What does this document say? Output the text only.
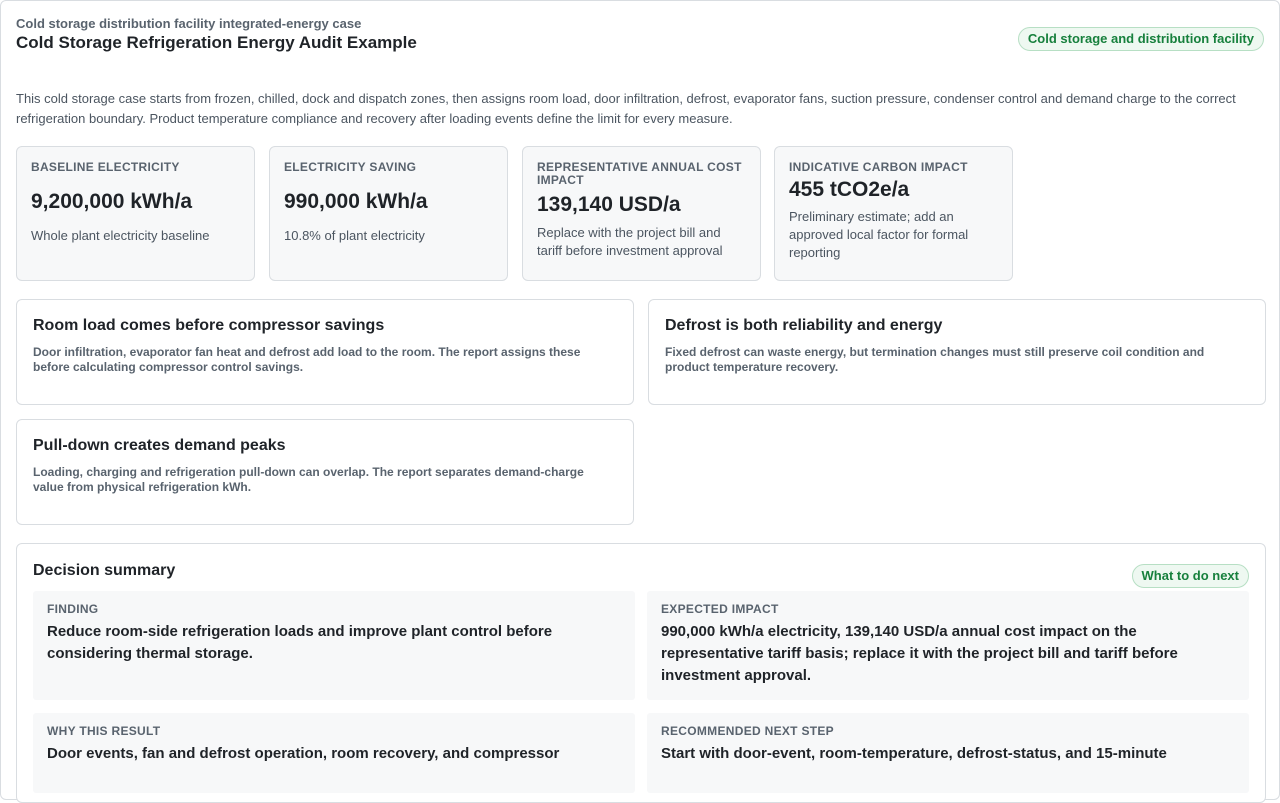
Cold storage distribution facility integrated-energy case
Cold Storage Refrigeration Energy Audit Example	Cold storage and distribution facility

This cold storage case starts from frozen, chilled, dock and dispatch zones, then assigns room load, door infiltration, defrost, evaporator fans, suction pressure, condenser control and demand charge to the correct refrigeration boundary. Product temperature compliance and recovery after loading events define the limit for every measure.

BASELINE ELECTRICITY
9,200,000 kWh/a
Whole plant electricity baseline
ELECTRICITY SAVING
990,000 kWh/a
10.8% of plant electricity
REPRESENTATIVE ANNUAL COST IMPACT
139,140 USD/a
Replace with the project bill and tariff before investment approval
INDICATIVE CARBON IMPACT
455 tCO2e/a
Preliminary estimate; add an approved local factor for formal reporting
Room load comes before compressor savings
Door infiltration, evaporator fan heat and defrost add load to the room. The report assigns these before calculating compressor control savings.
Defrost is both reliability and energy
Fixed defrost can waste energy, but termination changes must still preserve coil condition and product temperature recovery.
Pull-down creates demand peaks
Loading, charging and refrigeration pull-down can overlap. The report separates demand-charge value from physical refrigeration kWh.
Decision summary	What to do next
FINDING
Reduce room-side refrigeration loads and improve plant control before considering thermal storage.
EXPECTED IMPACT
990,000 kWh/a electricity, 139,140 USD/a annual cost impact on the representative tariff basis; replace it with the project bill and tariff before investment approval.
WHY THIS RESULT
Door events, fan and defrost operation, room recovery, and compressor
RECOMMENDED NEXT STEP
Start with door-event, room-temperature, defrost-status, and 15-minute
